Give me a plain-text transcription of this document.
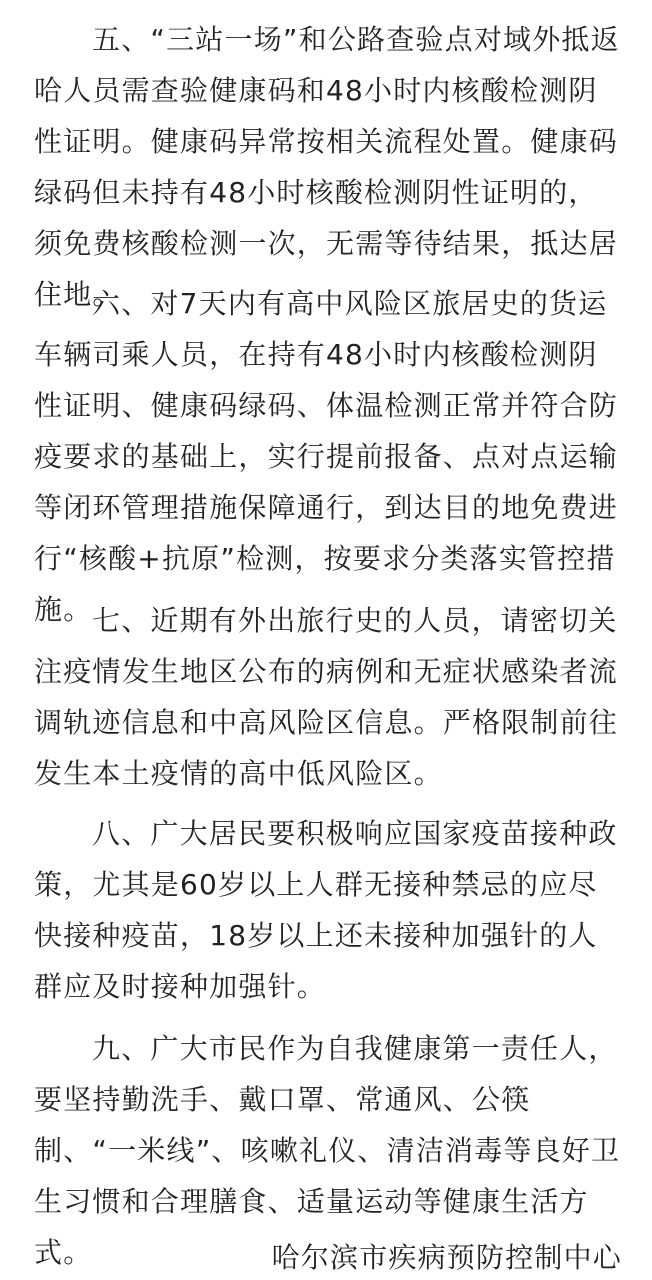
五、“三站一场”和公路查验点对域外抵返哈人员需查验健康码和48小时内核酸检测阴性证明。健康码异常按相关流程处置。健康码绿码但未持有48小时核酸检测阴性证明的，须免费核酸检测一次，无需等待结果，抵达居住地。

六、对7天内有高中风险区旅居史的货运车辆司乘人员，在持有48小时内核酸检测阴性证明、健康码绿码、体温检测正常并符合防疫要求的基础上，实行提前报备、点对点运输等闭环管理措施保障通行，到达目的地免费进行“核酸+抗原”检测，按要求分类落实管控措施。 七、近期有外出旅行史的人员，请密切关注疫情发生地区公布的病例和无症状感染者流调轨迹信息和中高风险区信息。严格限制前往发生本土疫情的高中低风险区。

八、广大居民要积极响应国家疫苗接种政策，尤其是60岁以上人群无接种禁忌的应尽快接种疫苗，18岁以上还未接种加强针的人群应及时接种加强针。

九、广大市民作为自我健康第一责任人，要坚持勤洗手、戴口罩、常通风、公筷制、“一米线”、咳嗽礼仪、清洁消毒等良好卫生习惯和合理膳食、适量运动等健康生活方式。	哈尔滨市疾病预防控制中心
